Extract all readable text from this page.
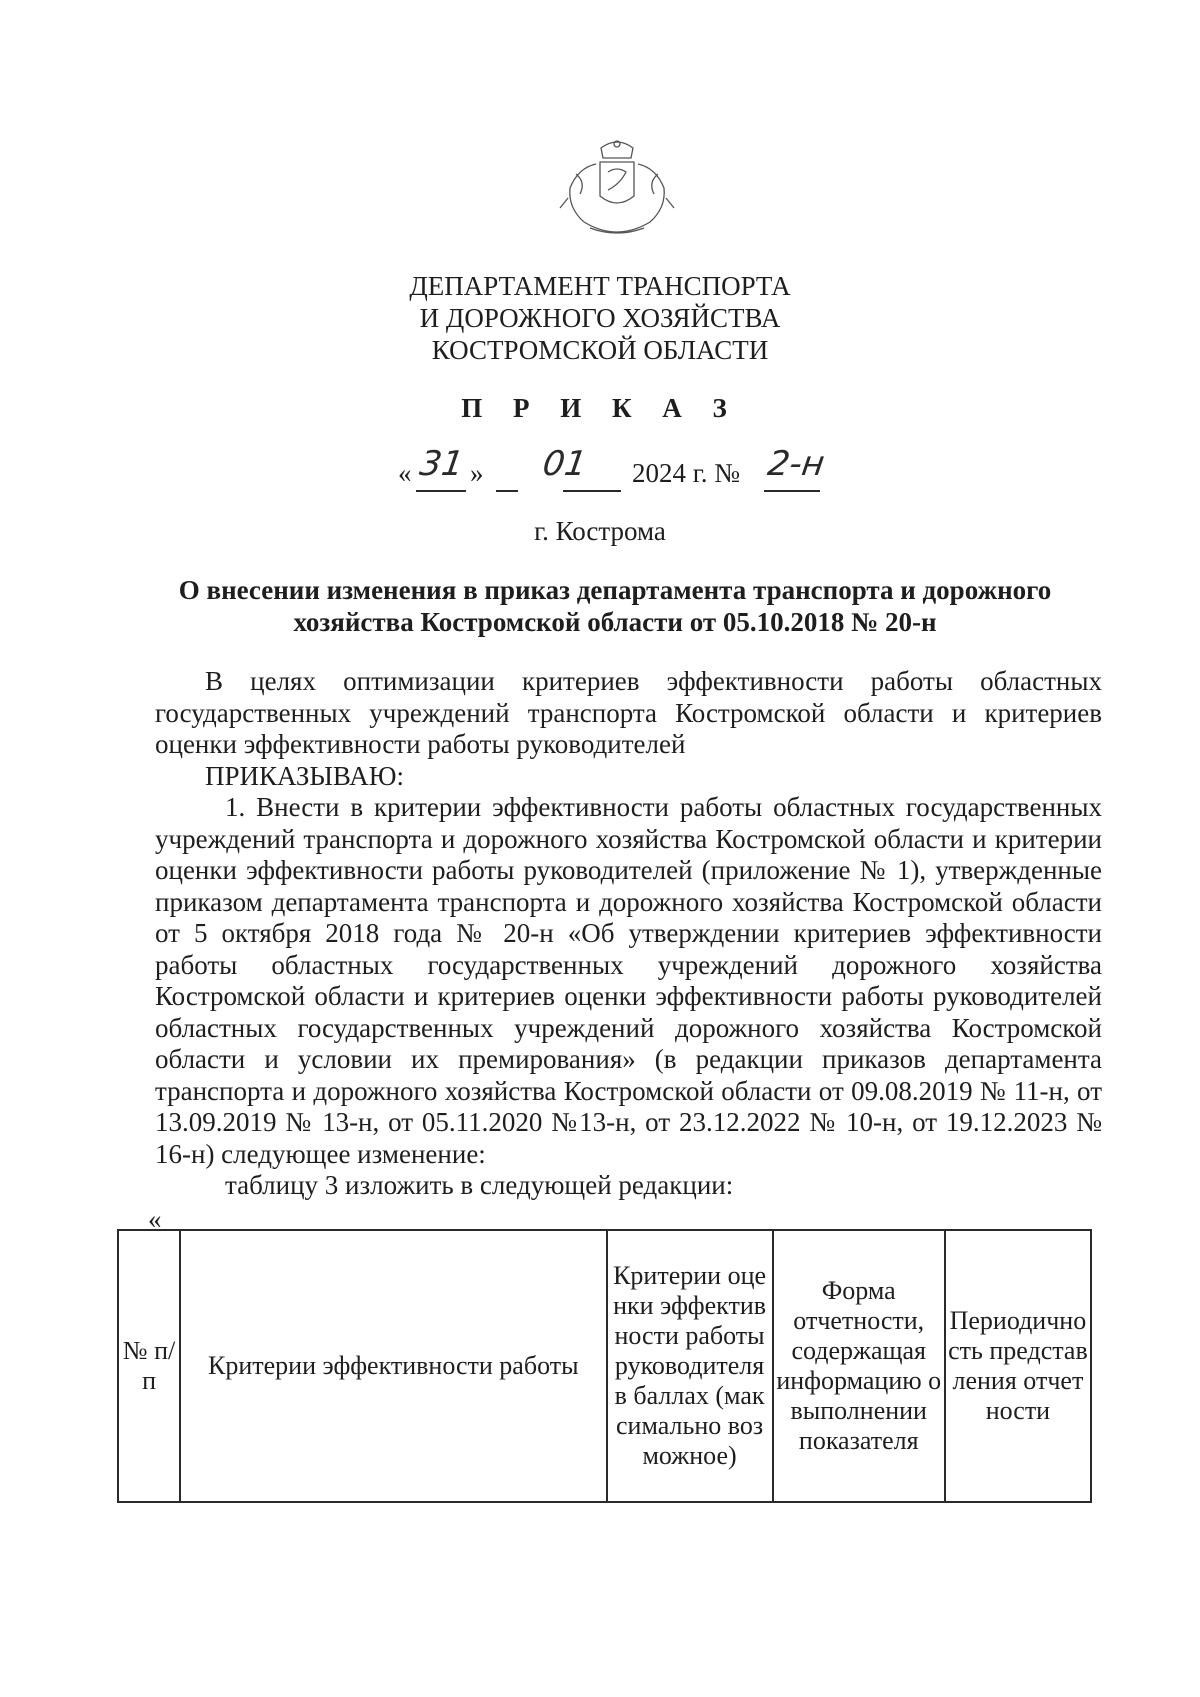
ДЕПАРТАМЕНТ ТРАНСПОРТА
И ДОРОЖНОГО ХОЗЯЙСТВА
КОСТРОМСКОЙ ОБЛАСТИ
П Р И К А З
« 31 » 01 2024 г. № 2-н
г. Кострома
О внесении изменения в приказ департамента транспорта и дорожного
хозяйства Костромской области от 05.10.2018 № 20-н

В целях оптимизации критериев эффективности работы областных государственных учреждений транспорта Костромской области и критериев оценки эффективности работы руководителей

ПРИКАЗЫВАЮ:

1. Внести в критерии эффективности работы областных государственных учреждений транспорта и дорожного хозяйства Костромской области и критерии оценки эффективности работы руководителей (приложение № 1), утвержденные приказом департамента транспорта и дорожного хозяйства Костромской области от 5 октября 2018 года № 20-н «Об утверждении критериев эффективности работы областных государственных учреждений дорожного хозяйства Костромской области и критериев оценки эффективности работы руководителей областных государственных учреждений дорожного хозяйства Костромской области и условии их премирования» (в редакции приказов департамента транспорта и дорожного хозяйства Костромской области от 09.08.2019 № 11-н, от 13.09.2019 № 13-н, от 05.11.2020 №13-н, от 23.12.2022 № 10-н, от 19.12.2023 № 16-н) следующее изменение:

таблицу 3 изложить в следующей редакции:

«
№ п/п	Критерии эффективности работы	Критерии оценки эффективности работы руководителя в баллах (максимально возможное)	Форма отчетности, содержащая информацию о выполнении показателя	Периодичность представления отчетности
